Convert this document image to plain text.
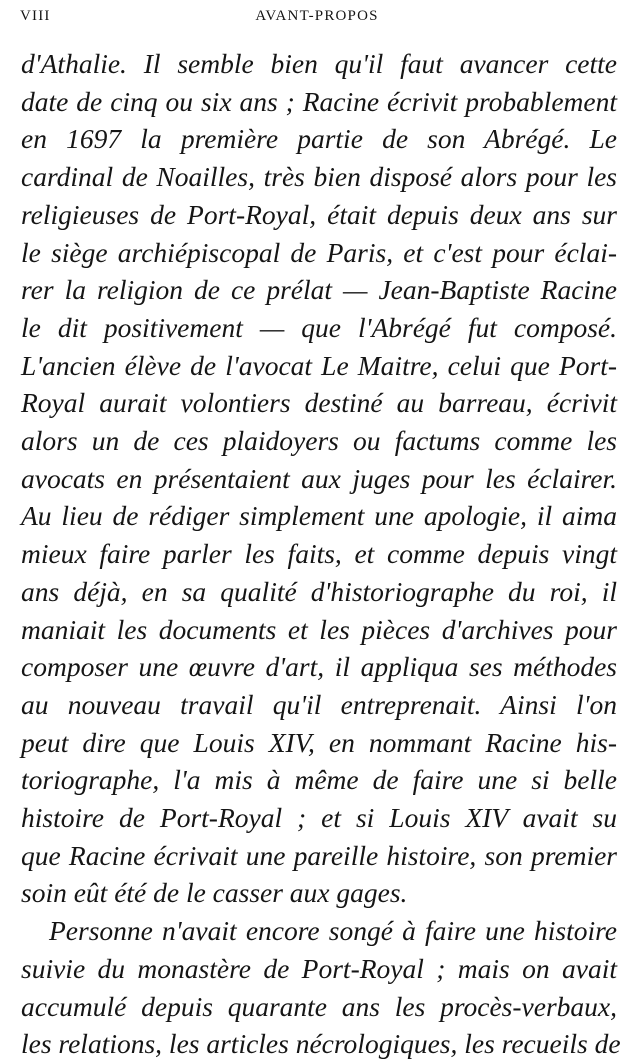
VIII	AVANT-PROPOS
d'Athalie. Il semble bien qu'il faut avancer cette
date de cinq ou six ans ; Racine écrivit probablement
en 1697 la première partie de son Abrégé. Le
cardinal de Noailles, très bien disposé alors pour les
religieuses de Port-Royal, était depuis deux ans sur
le siège archiépiscopal de Paris, et c'est pour éclai-
rer la religion de ce prélat — Jean-Baptiste Racine
le dit positivement — que l'Abrégé fut composé.
L'ancien élève de l'avocat Le Maitre, celui que Port-
Royal aurait volontiers destiné au barreau, écrivit
alors un de ces plaidoyers ou factums comme les
avocats en présentaient aux juges pour les éclairer.
Au lieu de rédiger simplement une apologie, il aima
mieux faire parler les faits, et comme depuis vingt
ans déjà, en sa qualité d'historiographe du roi, il
maniait les documents et les pièces d'archives pour
composer une œuvre d'art, il appliqua ses méthodes
au nouveau travail qu'il entreprenait. Ainsi l'on
peut dire que Louis XIV, en nommant Racine his-
toriographe, l'a mis à même de faire une si belle
histoire de Port-Royal ; et si Louis XIV avait su
que Racine écrivait une pareille histoire, son premier
soin eût été de le casser aux gages.
Personne n'avait encore songé à faire une histoire
suivie du monastère de Port-Royal ; mais on avait
accumulé depuis quarante ans les procès-verbaux,
les relations, les articles nécrologiques, les recueils de
